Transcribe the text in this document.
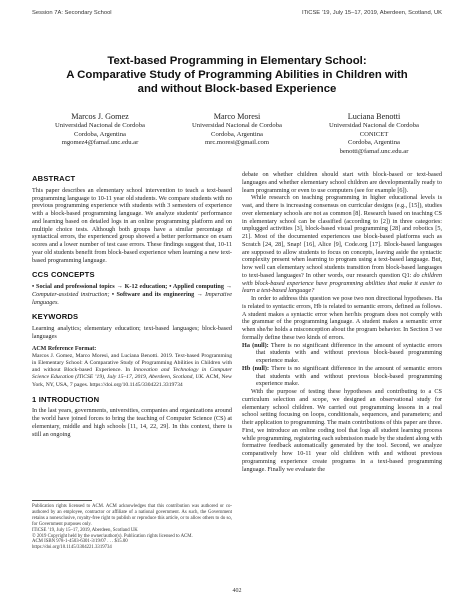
Session 7A: Secondary School	ITiCSE ’19, July 15–17, 2019, Aberdeen, Scotland, UK
Text-based Programming in Elementary School:
A Comparative Study of Programming Abilities in Children with
and without Block-based Experience
Marcos J. Gomez
Universidad Nacional de Cordoba
Cordoba, Argentina
mgomez4@famaf.unc.edu.ar
Marco Moresi
Universidad Nacional de Cordoba
Cordoba, Argentina
mrc.moresi@gmail.com
Luciana Benotti
Universidad Nacional de Cordoba
CONICET
Cordoba, Argentina
benotti@famaf.unc.edu.ar
ABSTRACT

This paper describes an elementary school intervention to teach a text-based programming language to 10-11 year old students. We compare students with no previous programming experience with students with 3 semesters of experience with a block-based programming language. We analyze students' performance and learning based on detailed logs in an online programming platform and on multiple choice tests. Although both groups have a similar percentage of syntactical errors, the experienced group showed a better performance on exam scores and a lower number of test case errors. These findings suggest that, 10-11 year old students benefit from block-based experience when learning a new text-based programming language.

CCS CONCEPTS

• Social and professional topics → K-12 education; • Applied computing → Computer-assisted instruction; • Software and its engineering → Imperative languages.

KEYWORDS

Learning analytics; elementary education; text-based languages; block-based languages

ACM Reference Format:
Marcos J. Gomez, Marco Moresi, and Luciana Benotti. 2019. Text-based Programming in Elementary School: A Comparative Study of Programming Abilities in Children with and without Block-based Experience. In Innovation and Technology in Computer Science Education (ITiCSE ’19), July 15–17, 2019, Aberdeen, Scotland, UK. ACM, New York, NY, USA, 7 pages. https://doi.org/10.1145/3304221.3319734

1 INTRODUCTION

In the last years, governments, universities, companies and organizations around the world have joined forces to bring the teaching of Computer Science (CS) at elementary, middle and high schools [11, 14, 22, 29]. In this context, there is still an ongoing

Publication rights licensed to ACM. ACM acknowledges that this contribution was authored or co-authored by an employee, contractor or affiliate of a national government. As such, the Government retains a nonexclusive, royalty-free right to publish or reproduce this article, or to allow others to do so, for Government purposes only.
ITiCSE ’19, July 15–17, 2019, Aberdeen, Scotland UK
© 2019 Copyright held by the owner/author(s). Publication rights licensed to ACM.
ACM ISBN 978-1-4503-6301-3/19/07 . . . $15.00
https://doi.org/10.1145/3304221.3319734

debate on whether children should start with block-based or text-based languages and whether elementary school children are developmentally ready to learn programming or even to use computers (see for example [6]).

While research on teaching programming in higher educational levels is vast, and there is increasing consensus on curricular designs (e.g., [15]), studies over elementary schools are not as common [8]. Research based on teaching CS in elementary school can be classified (according to [2]) in three categories: unplugged activities [3], block-based visual programming [28] and robotics [5, 21]. Most of the documented experiences use block-based platforms such as Scratch [24, 28], Snap! [16], Alice [9], Code.org [17]. Block-based languages are supposed to allow students to focus on concepts, leaving aside the syntactic complexity present when learning to program using a text-based language. But, how well can elementary school students transition from block-based languages to text-based languages? In other words, our research question Q1: do children with block-based experience have programming abilities that make it easier to learn a text-based language?

In order to address this question we pose two non directional hypotheses. Ha is related to syntactic errors, Hb is related to semantic errors, defined as follows. A student makes a syntactic error when her/his program does not comply with the grammar of the programming language. A student makes a semantic error when she/he holds a misconception about the program behavior. In Section 3 we formally define these two kinds of errors.

Ha (null): There is no significant difference in the amount of syntactic errors that students with and without previous block-based programming experience make.

Hb (null): There is no significant difference in the amount of semantic errors that students with and without previous block-based programming experience make.

With the purpose of testing these hypotheses and contributing to a CS curriculum selection and scope, we designed an observational study for elementary school children. We carried out programming lessons in a real school setting focusing on loops, conditionals, sequences, and parameters; and their application to programming. The main contributions of this paper are three. First, we introduce an online coding tool that logs all student learning process while programming, registering each submission made by the student along with formative feedback automatically generated by the tool. Second, we analyze comparatively how 10-11 year old children with and without previous programming experience create programs in a text-based programming language. Finally we evaluate the

402
